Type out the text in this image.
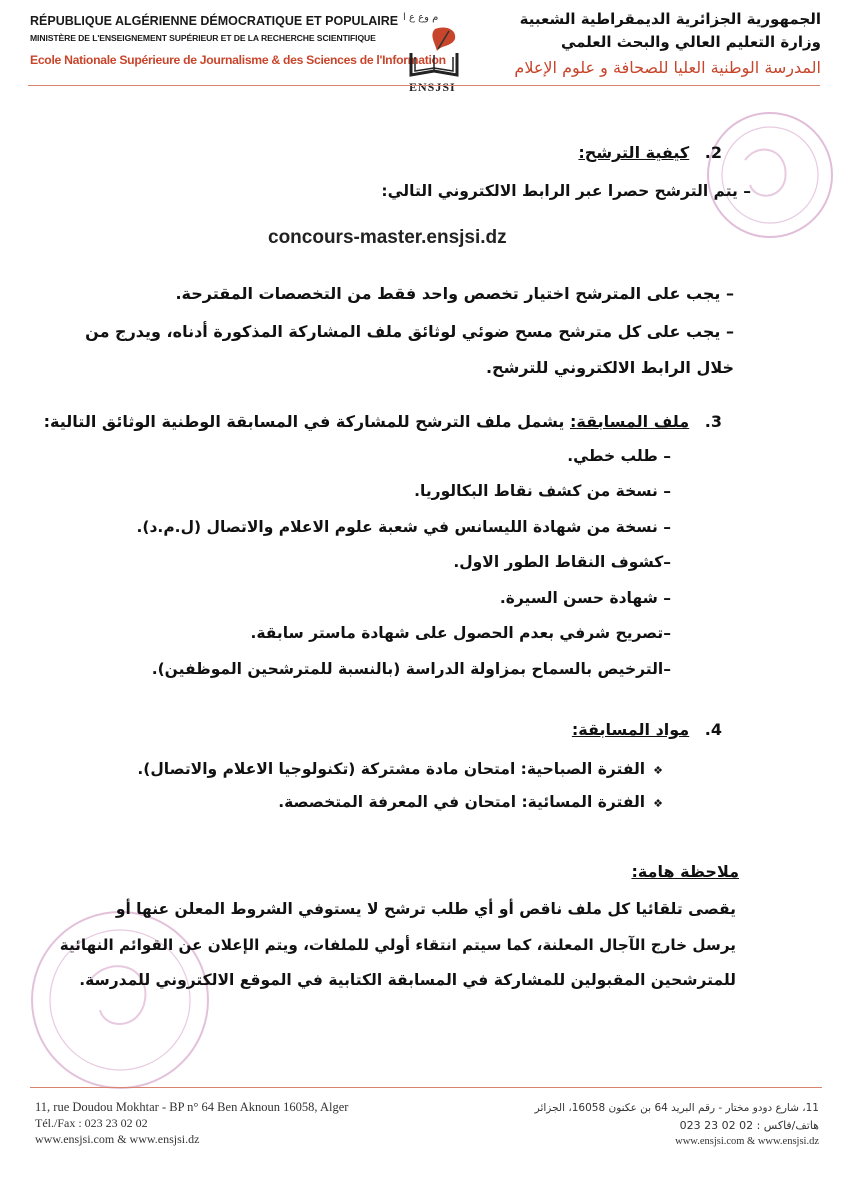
RÉPUBLIQUE ALGÉRIENNE DÉMOCRATIQUE ET POPULAIRE
MINISTÈRE DE L'ENSEIGNEMENT SUPÉRIEUR ET DE LA RECHERCHE SCIENTIFIQUE
Ecole Nationale Supérieure de Journalisme & des Sciences de l'Information
م وع ع ا
ENSJSI
الجمهورية الجزائرية الديمقراطية الشعبية
وزارة التعليم العالي والبحث العلمي
المدرسة الوطنية العليا للصحافة و علوم الإعلام
2. كيفية الترشح:
– يتم الترشح حصرا عبر الرابط الالكتروني التالي:
concours-master.ensjsi.dz
– يجب على المترشح اختيار تخصص واحد فقط من التخصصات المقترحة.
– يجب على كل مترشح مسح ضوئي لوثائق ملف المشاركة المذكورة أدناه، ويدرج من
خلال الرابط الالكتروني للترشح.
3. ملف المسابقة: يشمل ملف الترشح للمشاركة في المسابقة الوطنية الوثائق التالية:
– طلب خطي.
– نسخة من كشف نقاط البكالوريا.
– نسخة من شهادة الليسانس في شعبة علوم الاعلام والاتصال (ل.م.د).
–كشوف النقاط الطور الاول.
– شهادة حسن السيرة.
–تصريح شرفي بعدم الحصول على شهادة ماستر سابقة.
–الترخيص بالسماح بمزاولة الدراسة (بالنسبة للمترشحين الموظفين).
4. مواد المسابقة:
❖الفترة الصباحية: امتحان مادة مشتركة (تكنولوجيا الاعلام والاتصال).
❖الفترة المسائية: امتحان في المعرفة المتخصصة.
ملاحظة هامة:
يقصى تلقائيا كل ملف ناقص أو أي طلب ترشح لا يستوفي الشروط المعلن عنها أو
يرسل خارج الآجال المعلنة، كما سيتم انتقاء أولي للملفات، ويتم الإعلان عن القوائم النهائية
للمترشحين المقبولين للمشاركة في المسابقة الكتابية في الموقع الالكتروني للمدرسة.
11, rue Doudou Mokhtar - BP n° 64 Ben Aknoun 16058, Alger
Tél./Fax : 023 23 02 02
www.ensjsi.com & www.ensjsi.dz
11، شارع دودو مختار - رقم البريد 64 بن عكنون 16058، الجزائر
هاتف/فاكس : 02 02 23 023
www.ensjsi.com & www.ensjsi.dz
